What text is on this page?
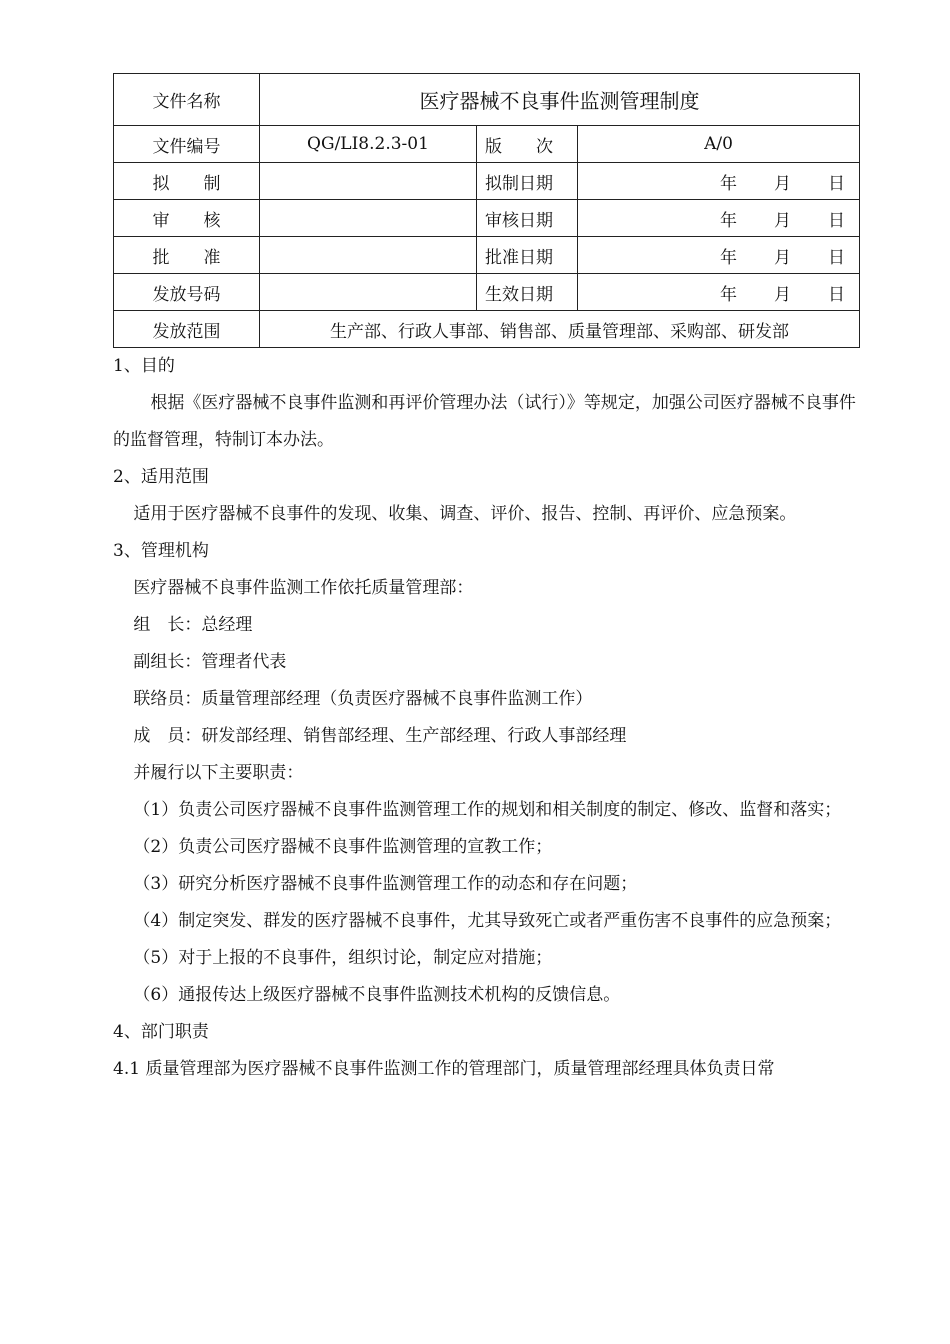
文件名称	医疗器械不良事件监测管理制度		
文件编号	QG/LI8.2.3-01	版　　次	A/0
拟　　制		拟制日期	年 月 日
审　　核		审核日期	年 月 日
批　　准		批准日期	年 月 日
发放号码		生效日期	年 月 日
发放范围	生产部、行政人事部、销售部、质量管理部、采购部、研发部		

1、目的

根据《医疗器械不良事件监测和再评价管理办法（试行）》等规定，加强公司医疗器械不良事件的监督管理，特制订本办法。

2、适用范围

适用于医疗器械不良事件的发现、收集、调查、评价、报告、控制、再评价、应急预案。

3、管理机构

医疗器械不良事件监测工作依托质量管理部：

组　长：总经理

副组长：管理者代表

联络员：质量管理部经理（负责医疗器械不良事件监测工作）

成　员：研发部经理、销售部经理、生产部经理、行政人事部经理

并履行以下主要职责：

（1）负责公司医疗器械不良事件监测管理工作的规划和相关制度的制定、修改、监督和落实；

（2）负责公司医疗器械不良事件监测管理的宣教工作；

（3）研究分析医疗器械不良事件监测管理工作的动态和存在问题；

（4）制定突发、群发的医疗器械不良事件，尤其导致死亡或者严重伤害不良事件的应急预案；

（5）对于上报的不良事件，组织讨论，制定应对措施；

（6）通报传达上级医疗器械不良事件监测技术机构的反馈信息。

4、部门职责

4.1 质量管理部为医疗器械不良事件监测工作的管理部门，质量管理部经理具体负责日常
